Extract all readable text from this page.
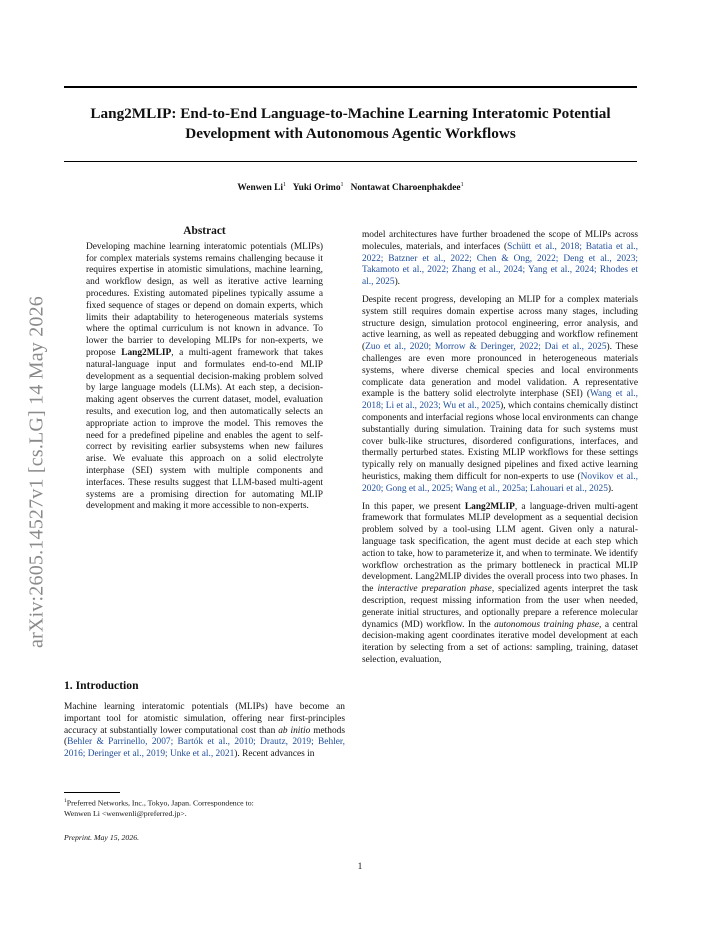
Lang2MLIP: End-to-End Language-to-Machine Learning Interatomic Potential
Development with Autonomous Agentic Workflows
Wenwen Li$^1$ Yuki Orimo$^1$ Nontawat Charoenphakdee$^1$
arXiv:2605.14527v1 [cs.LG] 14 May 2026
Abstract

Developing machine learning interatomic potentials (MLIPs) for complex materials systems remains challenging because it requires expertise in atomistic simulations, machine learning, and workflow design, as well as iterative active learning procedures. Existing automated pipelines typically assume a fixed sequence of stages or depend on domain experts, which limits their adaptability to heterogeneous materials systems where the optimal curriculum is not known in advance. To lower the barrier to developing MLIPs for non-experts, we propose Lang2MLIP, a multi-agent framework that takes natural-language input and formulates end-to-end MLIP development as a sequential decision-making problem solved by large language models (LLMs). At each step, a decision-making agent observes the current dataset, model, evaluation results, and execution log, and then automatically selects an appropriate action to improve the model. This removes the need for a predefined pipeline and enables the agent to self-correct by revisiting earlier subsystems when new failures arise. We evaluate this approach on a solid electrolyte interphase (SEI) system with multiple components and interfaces. These results suggest that LLM-based multi-agent systems are a promising direction for automating MLIP development and making it more accessible to non-experts.

1. Introduction

Machine learning interatomic potentials (MLIPs) have become an important tool for atomistic simulation, offering near first-principles accuracy at substantially lower computational cost than ab initio methods (Behler & Parrinello, 2007; Bartók et al., 2010; Drautz, 2019; Behler, 2016; Deringer et al., 2019; Unke et al., 2021). Recent advances in

$^1$Preferred Networks, Inc., Tokyo, Japan. Correspondence to:
Wenwen Li <wenwenli@preferred.jp>.
Preprint. May 15, 2026.

model architectures have further broadened the scope of MLIPs across molecules, materials, and interfaces (Schütt et al., 2018; Batatia et al., 2022; Batzner et al., 2022; Chen & Ong, 2022; Deng et al., 2023; Takamoto et al., 2022; Zhang et al., 2024; Yang et al., 2024; Rhodes et al., 2025).

Despite recent progress, developing an MLIP for a complex materials system still requires domain expertise across many stages, including structure design, simulation protocol engineering, error analysis, and active learning, as well as repeated debugging and workflow refinement (Zuo et al., 2020; Morrow & Deringer, 2022; Dai et al., 2025). These challenges are even more pronounced in heterogeneous materials systems, where diverse chemical species and local environments complicate data generation and model validation. A representative example is the battery solid electrolyte interphase (SEI) (Wang et al., 2018; Li et al., 2023; Wu et al., 2025), which contains chemically distinct components and interfacial regions whose local environments can change substantially during simulation. Training data for such systems must cover bulk-like structures, disordered configurations, interfaces, and thermally perturbed states. Existing MLIP workflows for these settings typically rely on manually designed pipelines and fixed active learning heuristics, making them difficult for non-experts to use (Novikov et al., 2020; Gong et al., 2025; Wang et al., 2025a; Lahouari et al., 2025).

In this paper, we present Lang2MLIP, a language-driven multi-agent framework that formulates MLIP development as a sequential decision problem solved by a tool-using LLM agent. Given only a natural-language task specification, the agent must decide at each step which action to take, how to parameterize it, and when to terminate. We identify workflow orchestration as the primary bottleneck in practical MLIP development. Lang2MLIP divides the overall process into two phases. In the interactive preparation phase, specialized agents interpret the task description, request missing information from the user when needed, generate initial structures, and optionally prepare a reference molecular dynamics (MD) workflow. In the autonomous training phase, a central decision-making agent coordinates iterative model development at each iteration by selecting from a set of actions: sampling, training, dataset selection, evaluation,

1
